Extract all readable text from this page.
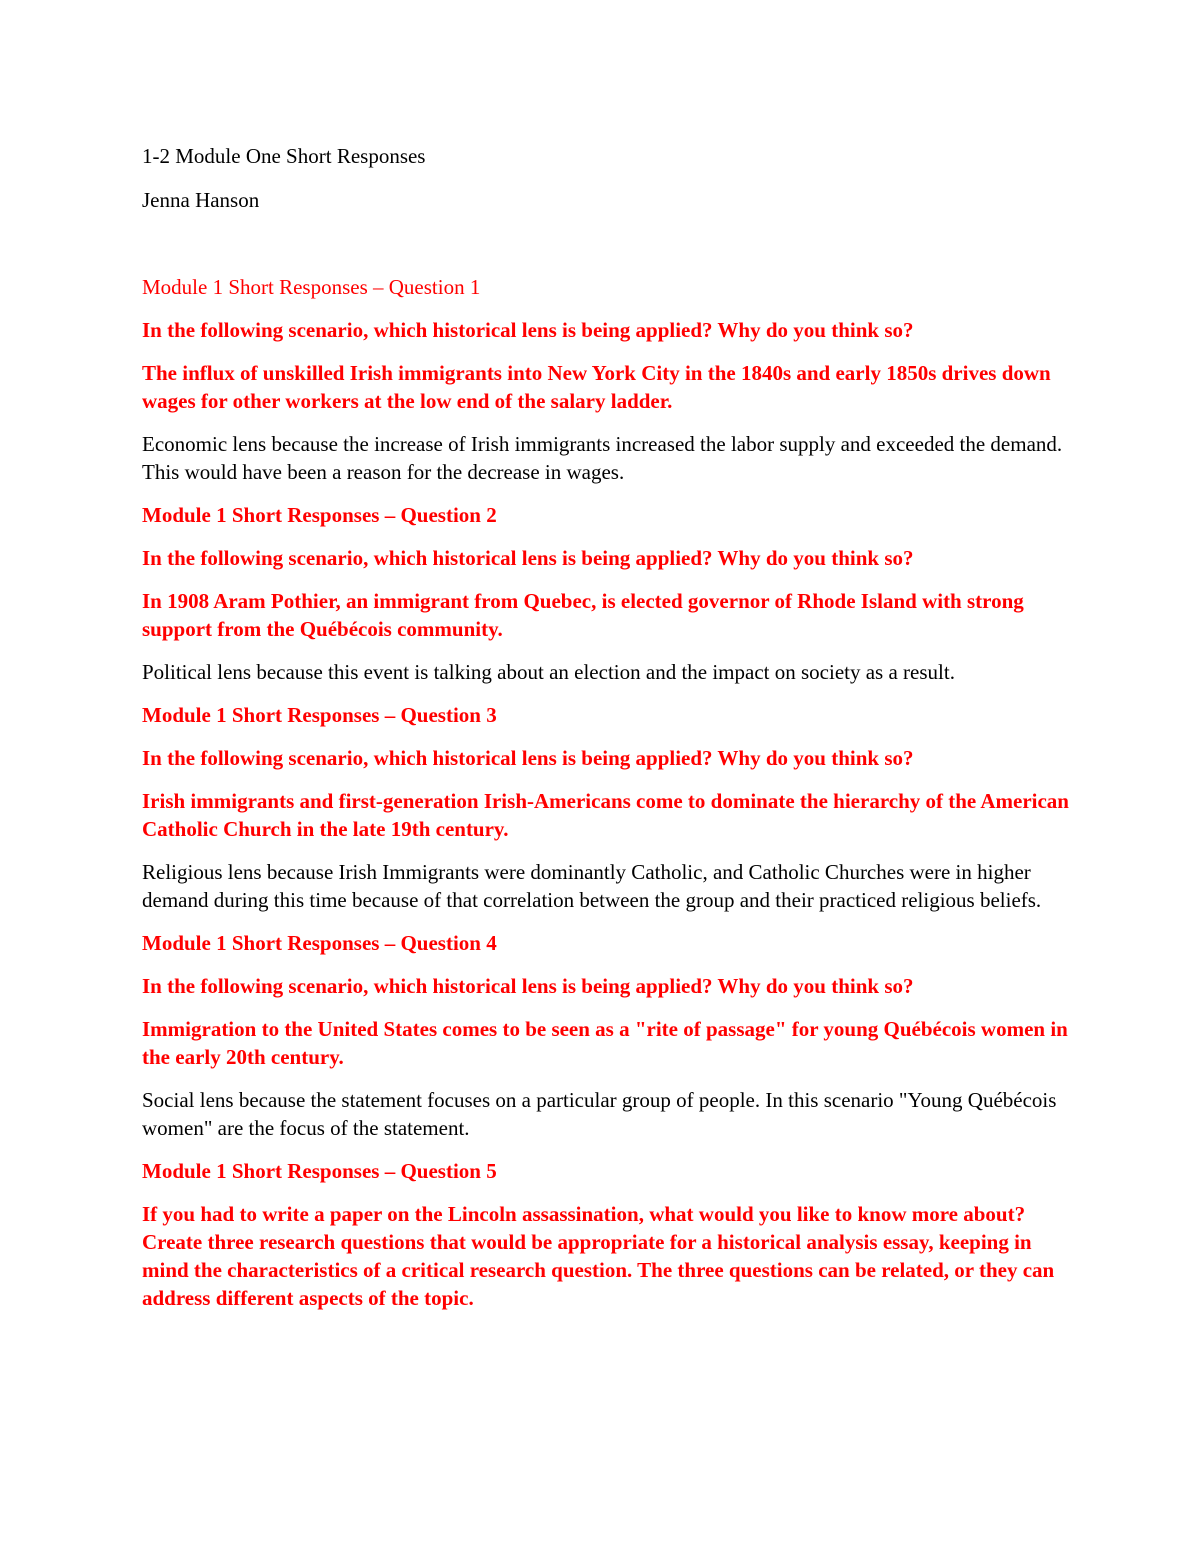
1-2 Module One Short Responses
Jenna Hanson
Module 1 Short Responses – Question 1
In the following scenario, which historical lens is being applied? Why do you think so?
The influx of unskilled Irish immigrants into New York City in the 1840s and early 1850s drives down wages for other workers at the low end of the salary ladder.
Economic lens because the increase of Irish immigrants increased the labor supply and exceeded the demand. This would have been a reason for the decrease in wages.
Module 1 Short Responses – Question 2
In the following scenario, which historical lens is being applied? Why do you think so?
In 1908 Aram Pothier, an immigrant from Quebec, is elected governor of Rhode Island with strong support from the Québécois community.
Political lens because this event is talking about an election and the impact on society as a result.
Module 1 Short Responses – Question 3
In the following scenario, which historical lens is being applied? Why do you think so?
Irish immigrants and first-generation Irish-Americans come to dominate the hierarchy of the American Catholic Church in the late 19th century.
Religious lens because Irish Immigrants were dominantly Catholic, and Catholic Churches were in higher demand during this time because of that correlation between the group and their practiced religious beliefs.
Module 1 Short Responses – Question 4
In the following scenario, which historical lens is being applied? Why do you think so?
Immigration to the United States comes to be seen as a "rite of passage" for young Québécois women in the early 20th century.
Social lens because the statement focuses on a particular group of people. In this scenario "Young Québécois women" are the focus of the statement.
Module 1 Short Responses – Question 5
If you had to write a paper on the Lincoln assassination, what would you like to know more about? Create three research questions that would be appropriate for a historical analysis essay, keeping in mind the characteristics of a critical research question. The three questions can be related, or they can address different aspects of the topic.
